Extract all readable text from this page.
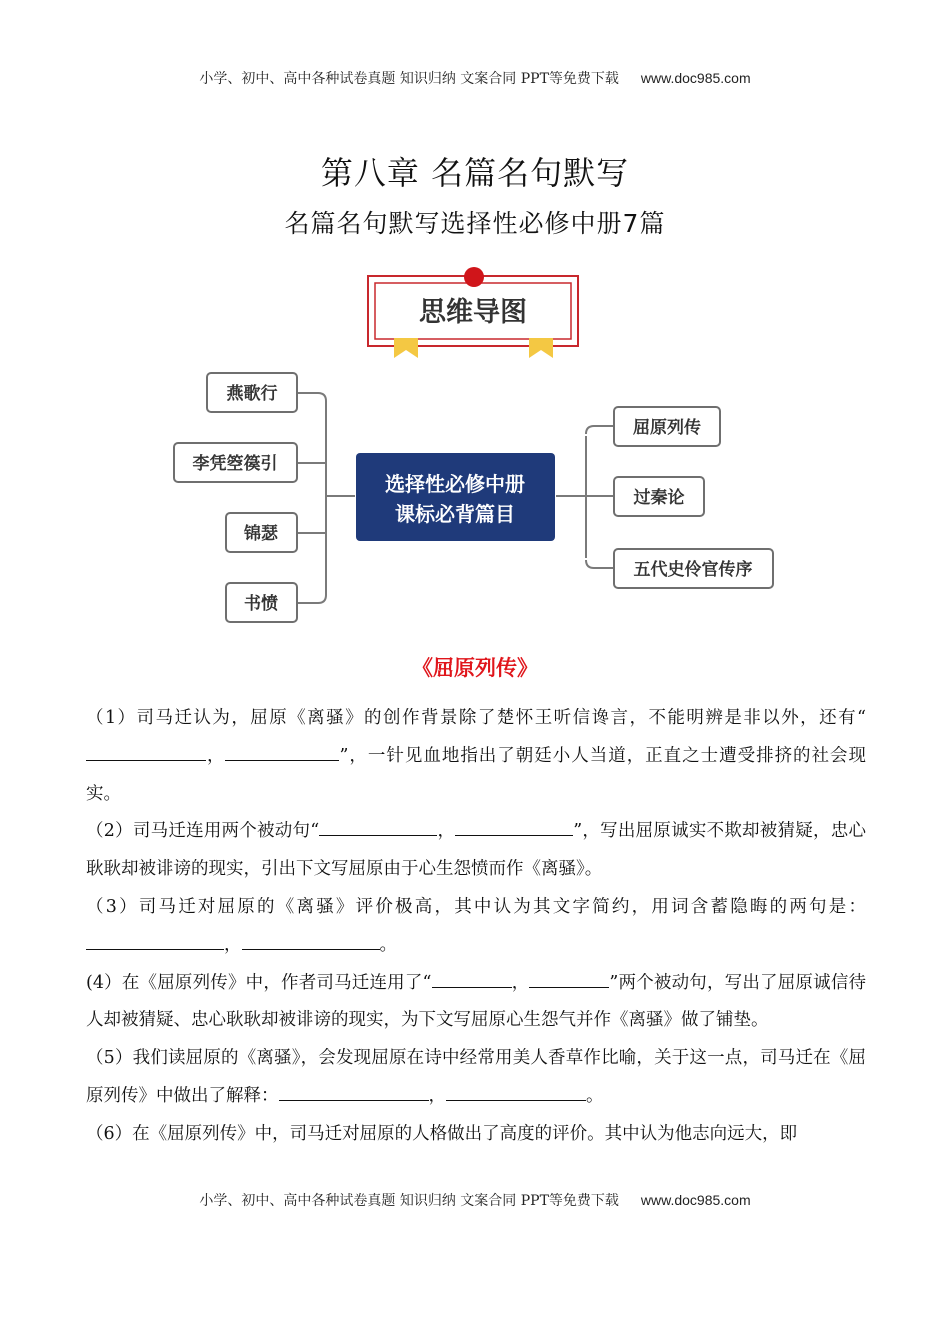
小学、初中、高中各种试卷真题 知识归纳 文案合同 PPT等免费下载 www.doc985.com
第八章 名篇名句默写
名篇名句默写选择性必修中册7篇
思维导图
选择性必修中册
课标必背篇目
燕歌行
李凭箜篌引
锦瑟
书愤
屈原列传
过秦论
五代史伶官传序
《屈原列传》

（1）司马迁认为，屈原《离骚》的创作背景除了楚怀王听信谗言，不能明辨是非以外，还有“，	”，一针见血地指出了朝廷小人当道，正直之士遭受排挤的社会现实。

（2）司马迁连用两个被动句“	，	”，写出屈原诚实不欺却被猜疑，忠心耿耿却被诽谤的现实，引出下文写屈原由于心生怨愤而作《离骚》。

（3）司马迁对屈原的《离骚》评价极高，其中认为其文字简约，用词含蓄隐晦的两句是：，	。

(4）在《屈原列传》中，作者司马迁连用了“	，	”两个被动句，写出了屈原诚信待人却被猜疑、忠心耿耿却被诽谤的现实，为下文写屈原心生怨气并作《离骚》做了铺垫。

（5）我们读屈原的《离骚》，会发现屈原在诗中经常用美人香草作比喻，关于这一点，司马迁在《屈原列传》中做出了解释：	，	。

（6）在《屈原列传》中，司马迁对屈原的人格做出了高度的评价。其中认为他志向远大，即

小学、初中、高中各种试卷真题 知识归纳 文案合同 PPT等免费下载 www.doc985.com
